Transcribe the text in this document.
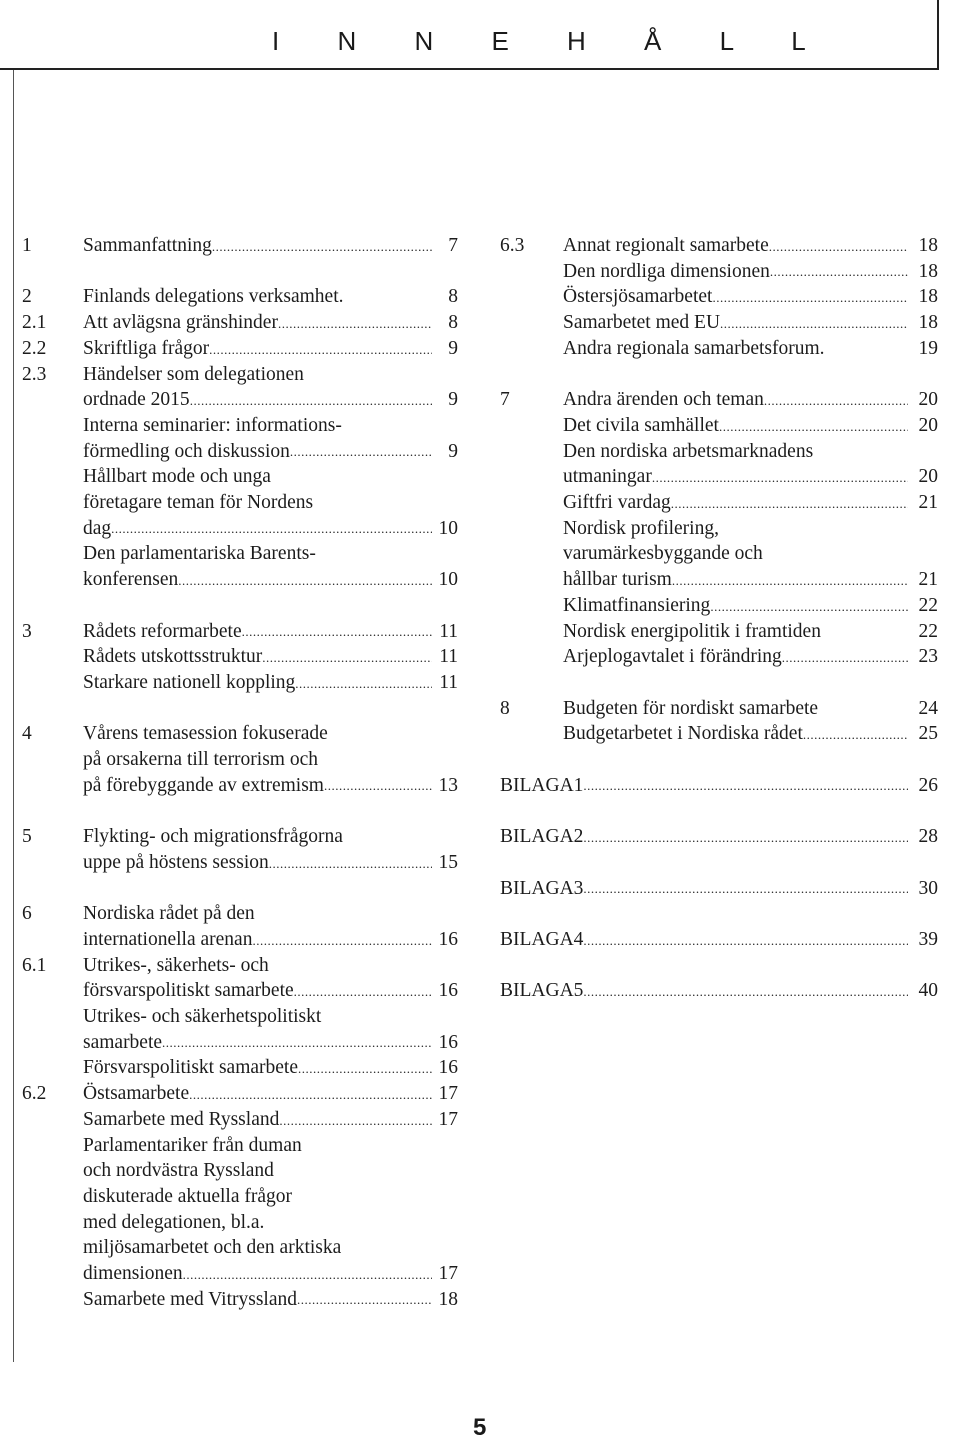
I N N E H Å L L
1	Sammanfattning .....	7
2	Finlands delegations verksamhet.	8
2.1	Att avlägsna gränshinder .....	8
2.2	Skriftliga frågor .....	9
2.3	Händelser som delegationen
ordnade 2015 .....	9
Interna seminarier: informations-
förmedling och diskussion .....	9
Hållbart mode och unga
företagare teman för Nordens
dag .....	10
Den parlamentariska Barents-
konferensen .....	10
3	Rådets reformarbete .....	11
Rådets utskottsstruktur .....	11
Starkare nationell koppling .....	11
4	Vårens temasession fokuserade
på orsakerna till terrorism och
på förebyggande av extremism .....	13
5	Flykting- och migrationsfrågorna
uppe på höstens session .....	15
6	Nordiska rådet på den
internationella arenan .....	16
6.1	Utrikes-, säkerhets- och
försvarspolitiskt samarbete .....	16
Utrikes- och säkerhetspolitiskt
samarbete .....	16
Försvarspolitiskt samarbete .....	16
6.2	Östsamarbete .....	17
Samarbete med Ryssland .....	17
Parlamentariker från duman
och nordvästra Ryssland
diskuterade aktuella frågor
med delegationen, bl.a.
miljösamarbetet och den arktiska
dimensionen .....	17
Samarbete med Vitryssland .....	18
6.3	Annat regionalt samarbete .....	18
Den nordliga dimensionen .....	18
Östersjösamarbetet .....	18
Samarbetet med EU .....	18
Andra regionala samarbetsforum.	19
7	Andra ärenden och teman .....	20
Det civila samhället .....	20
Den nordiska arbetsmarknadens
utmaningar .....	20
Giftfri vardag .....	21
Nordisk profilering,
varumärkesbyggande och
hållbar turism .....	21
Klimatfinansiering .....	22
Nordisk energipolitik i framtiden	22
Arjeplogavtalet i förändring .....	23
8	Budgeten för nordiskt samarbete	24
Budgetarbetet i Nordiska rådet .....	25
BILAGA 1 .....	26
BILAGA 2 .....	28
BILAGA 3 .....	30
BILAGA 4 .....	39
BILAGA 5 .....	40
5
